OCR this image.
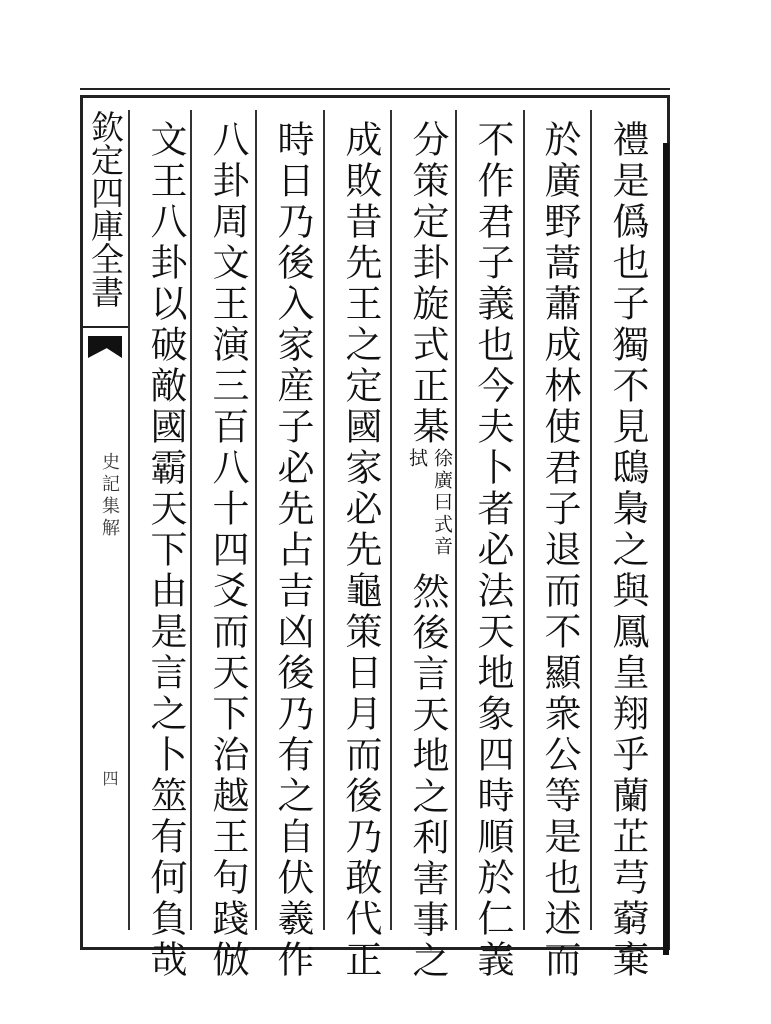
欽定四庫全書
史記集解
四	禮是僞也子獨不見鴟梟之與鳳皇翔乎蘭芷芎藭棄
於廣野蒿蕭成林使君子退而不顯衆公等是也述而
不作君子義也今夫卜者必法天地象四時順於仁義
分策定卦旋式正棊徐廣曰式音拭然後言天地之利害事之
成敗昔先王之定國家必先龜策日月而後乃敢代正
時日乃後入家産子必先占吉凶後乃有之自伏羲作
八卦周文王演三百八十四爻而天下治越王句踐倣
文王八卦以破敵國霸天下由是言之卜筮有何負哉
